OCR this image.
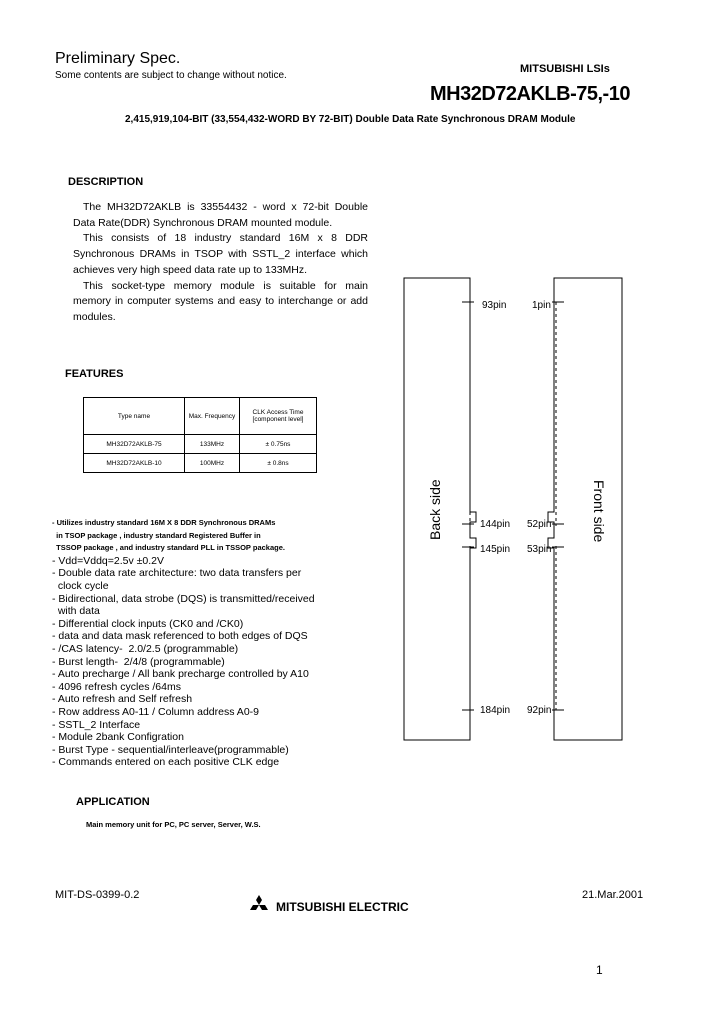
Preliminary Spec.
Some contents are subject to change without notice.
MITSUBISHI LSIs
MH32D72AKLB-75,-10
2,415,919,104-BIT (33,554,432-WORD BY 72-BIT) Double Data Rate Synchronous DRAM Module
DESCRIPTION

The MH32D72AKLB is 33554432 - word x 72-bit Double Data Rate(DDR) Synchronous DRAM mounted module.

This consists of 18 industry standard 16M x 8 DDR Synchronous DRAMs in TSOP with SSTL_2 interface which achieves very high speed data rate up to 133MHz.

This socket-type memory module is suitable for main memory in computer systems and easy to interchange or add modules.

FEATURES
Type name	Max. Frequency	CLK Access Time [component level]
MH32D72AKLB-75	133MHz	± 0.75ns
MH32D72AKLB-10	100MHz	± 0.8ns
- Utilizes industry standard 16M X 8 DDR Synchronous DRAMs
in TSOP package , industry standard Registered Buffer in
TSSOP package , and industry standard PLL in TSSOP package.
- Vdd=Vddq=2.5v ±0.2V
- Double data rate architecture: two data transfers per
clock cycle
- Bidirectional, data strobe (DQS) is transmitted/received
with data
- Differential clock inputs (CK0 and /CK0)
- data and data mask referenced to both edges of DQS
- /CAS latency-  2.0/2.5 (programmable)
- Burst length-  2/4/8 (programmable)
- Auto precharge / All bank precharge controlled by A10
- 4096 refresh cycles /64ms
- Auto refresh and Self refresh
- Row address A0-11 / Column address A0-9
- SSTL_2 Interface
- Module 2bank Configration
- Burst Type - sequential/interleave(programmable)
- Commands entered on each positive CLK edge
93pin	1pin
144pin 52pin
145pin 53pin
184pin 92pin
Back side	Front side
APPLICATION
Main memory unit for PC, PC server, Server, W.S.
MIT-DS-0399-0.2
MITSUBISHI ELECTRIC
21.Mar.2001
1
